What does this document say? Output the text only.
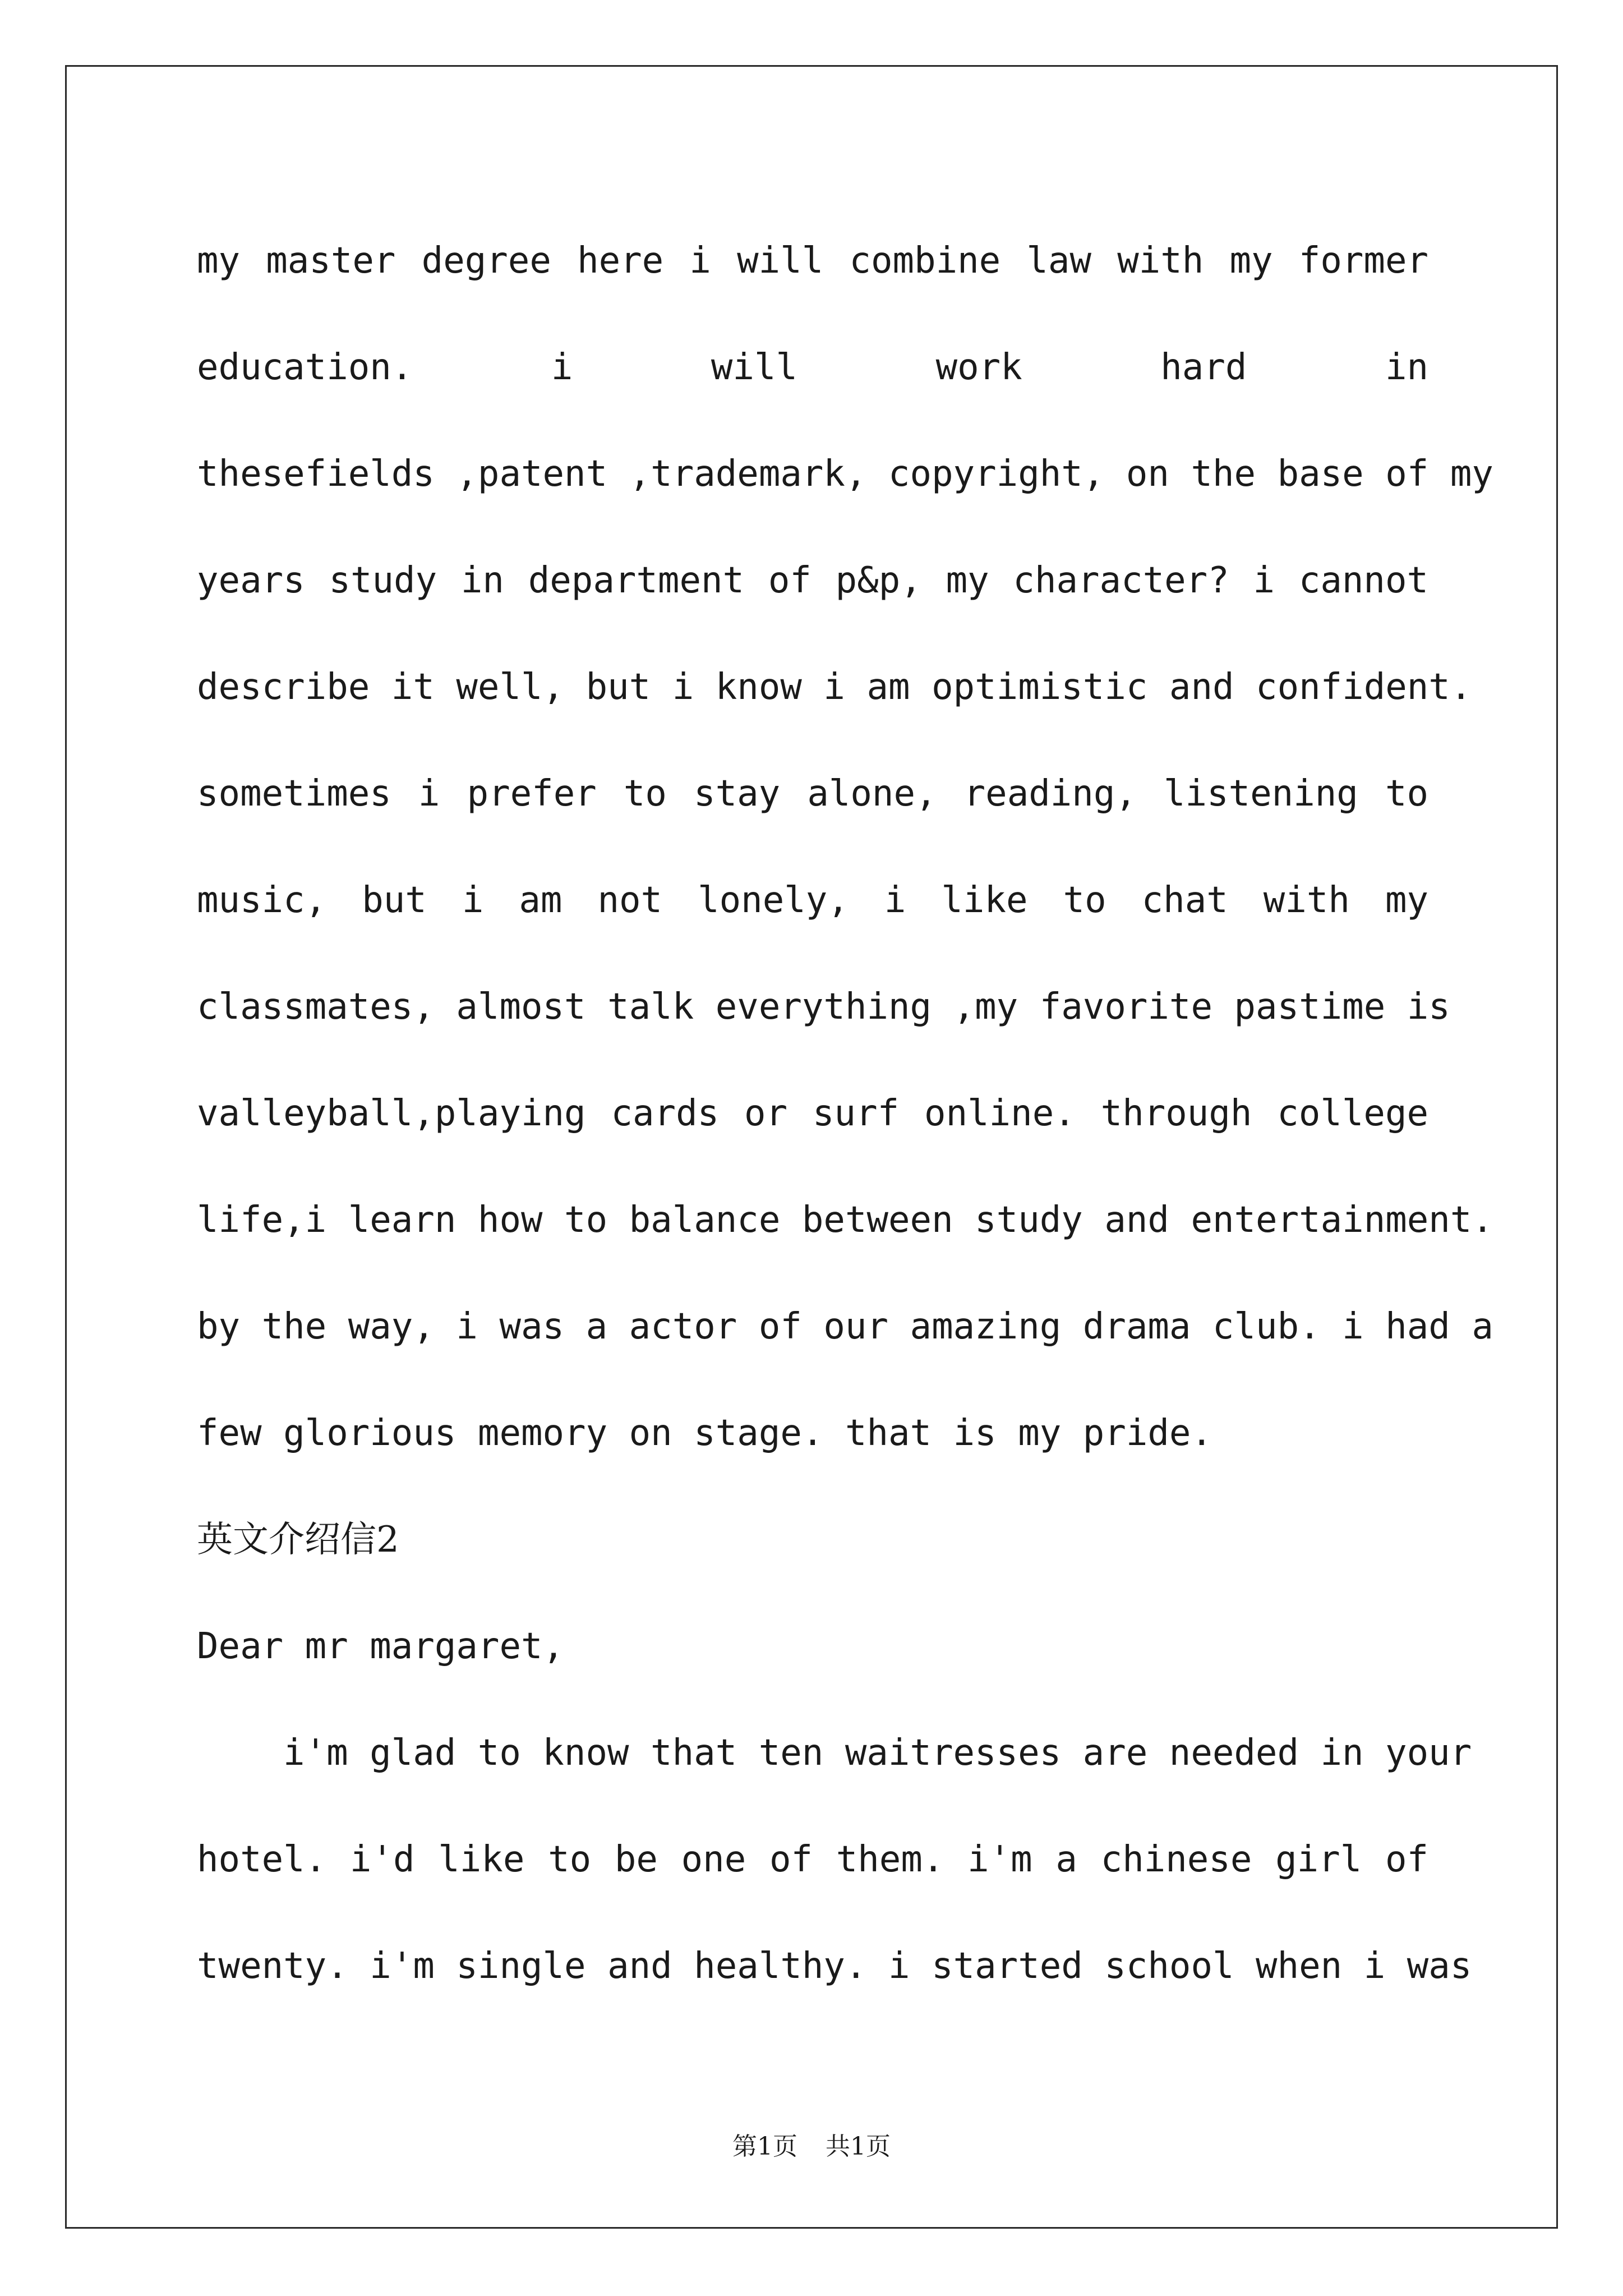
my master degree here i will combine law with my former
education. i will work hard in
thesefields ,patent ,trademark, copyright, on the base of my
years study in department of p&p, my character? i cannot
describe it well, but i know i am optimistic and confident.
sometimes i prefer to stay alone, reading, listening to
music, but i am not lonely, i like to chat with my
classmates, almost talk everything ,my favorite pastime is
valleyball,playing cards or surf online. through college
life,i learn how to balance between study and entertainment.
by the way, i was a actor of our amazing drama club. i had a
few glorious memory on stage. that is my pride.
英文介绍信2
Dear mr margaret,
i'm glad to know that ten waitresses are needed in your
hotel. i'd like to be one of them. i'm a chinese girl of
twenty. i'm single and healthy. i started school when i was
第1页 共1页
